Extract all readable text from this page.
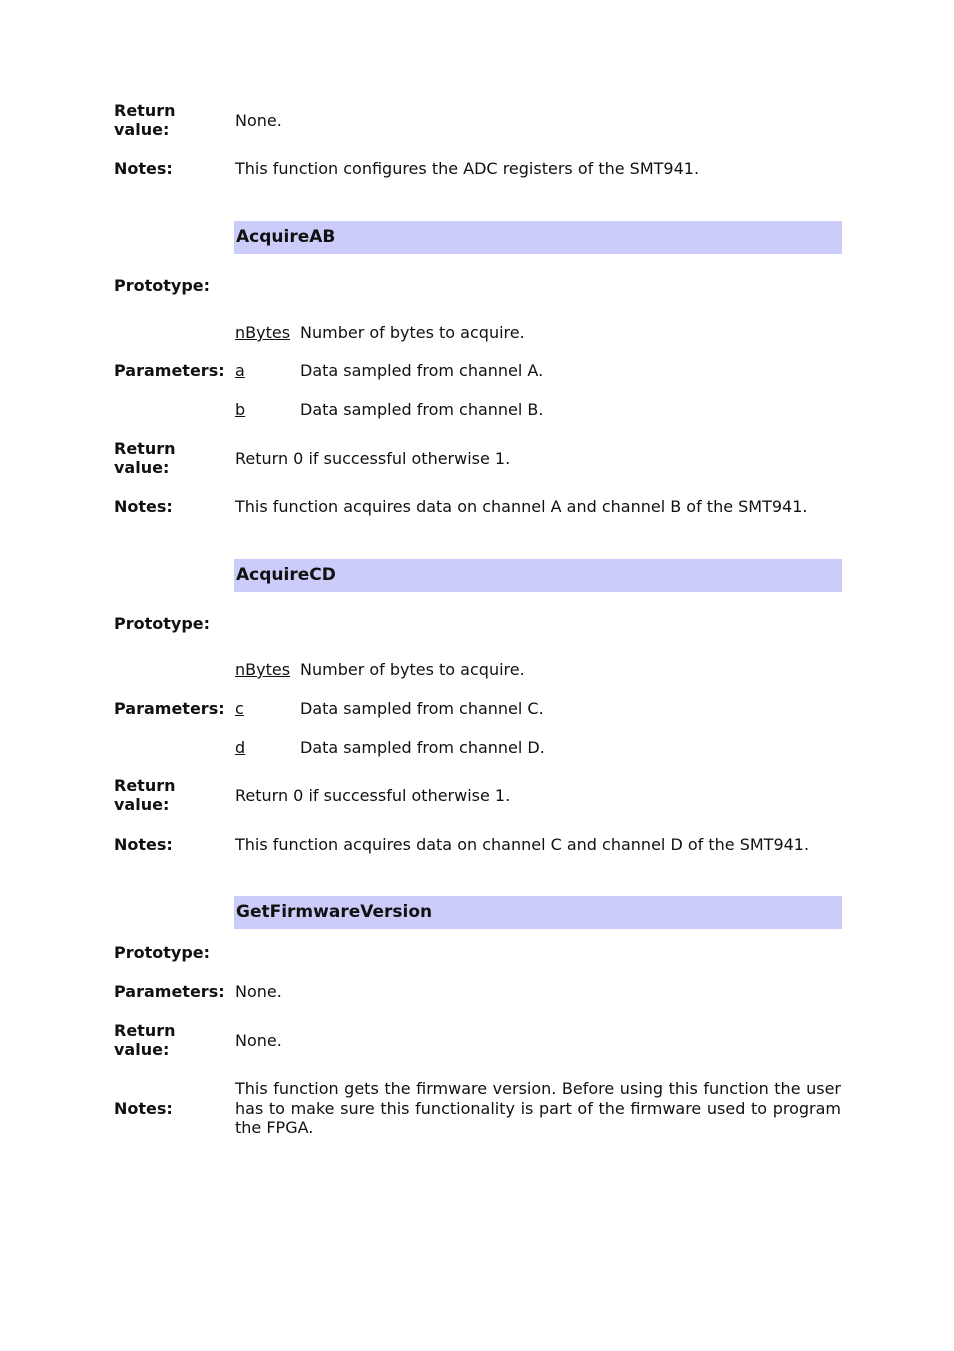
Return value:	None.
Notes:	This function configures the ADC registers of the SMT941.
AcquireAB
Prototype:
nBytes Number of bytes to acquire.
Parameters: a	Data sampled from channel A.
b	Data sampled from channel B.
Return value:	Return 0 if successful otherwise 1.
Notes:	This function acquires data on channel A and channel B of the SMT941.
AcquireCD
Prototype:
nBytes Number of bytes to acquire.
Parameters: c	Data sampled from channel C.
d	Data sampled from channel D.
Return value:	Return 0 if successful otherwise 1.
Notes:	This function acquires data on channel C and channel D of the SMT941.
GetFirmwareVersion
Prototype:
Parameters: None.
Return value:	None.
Notes:
This function gets the firmware version. Before using this function the user has to make sure this functionality is part of the firmware used to program the FPGA.
